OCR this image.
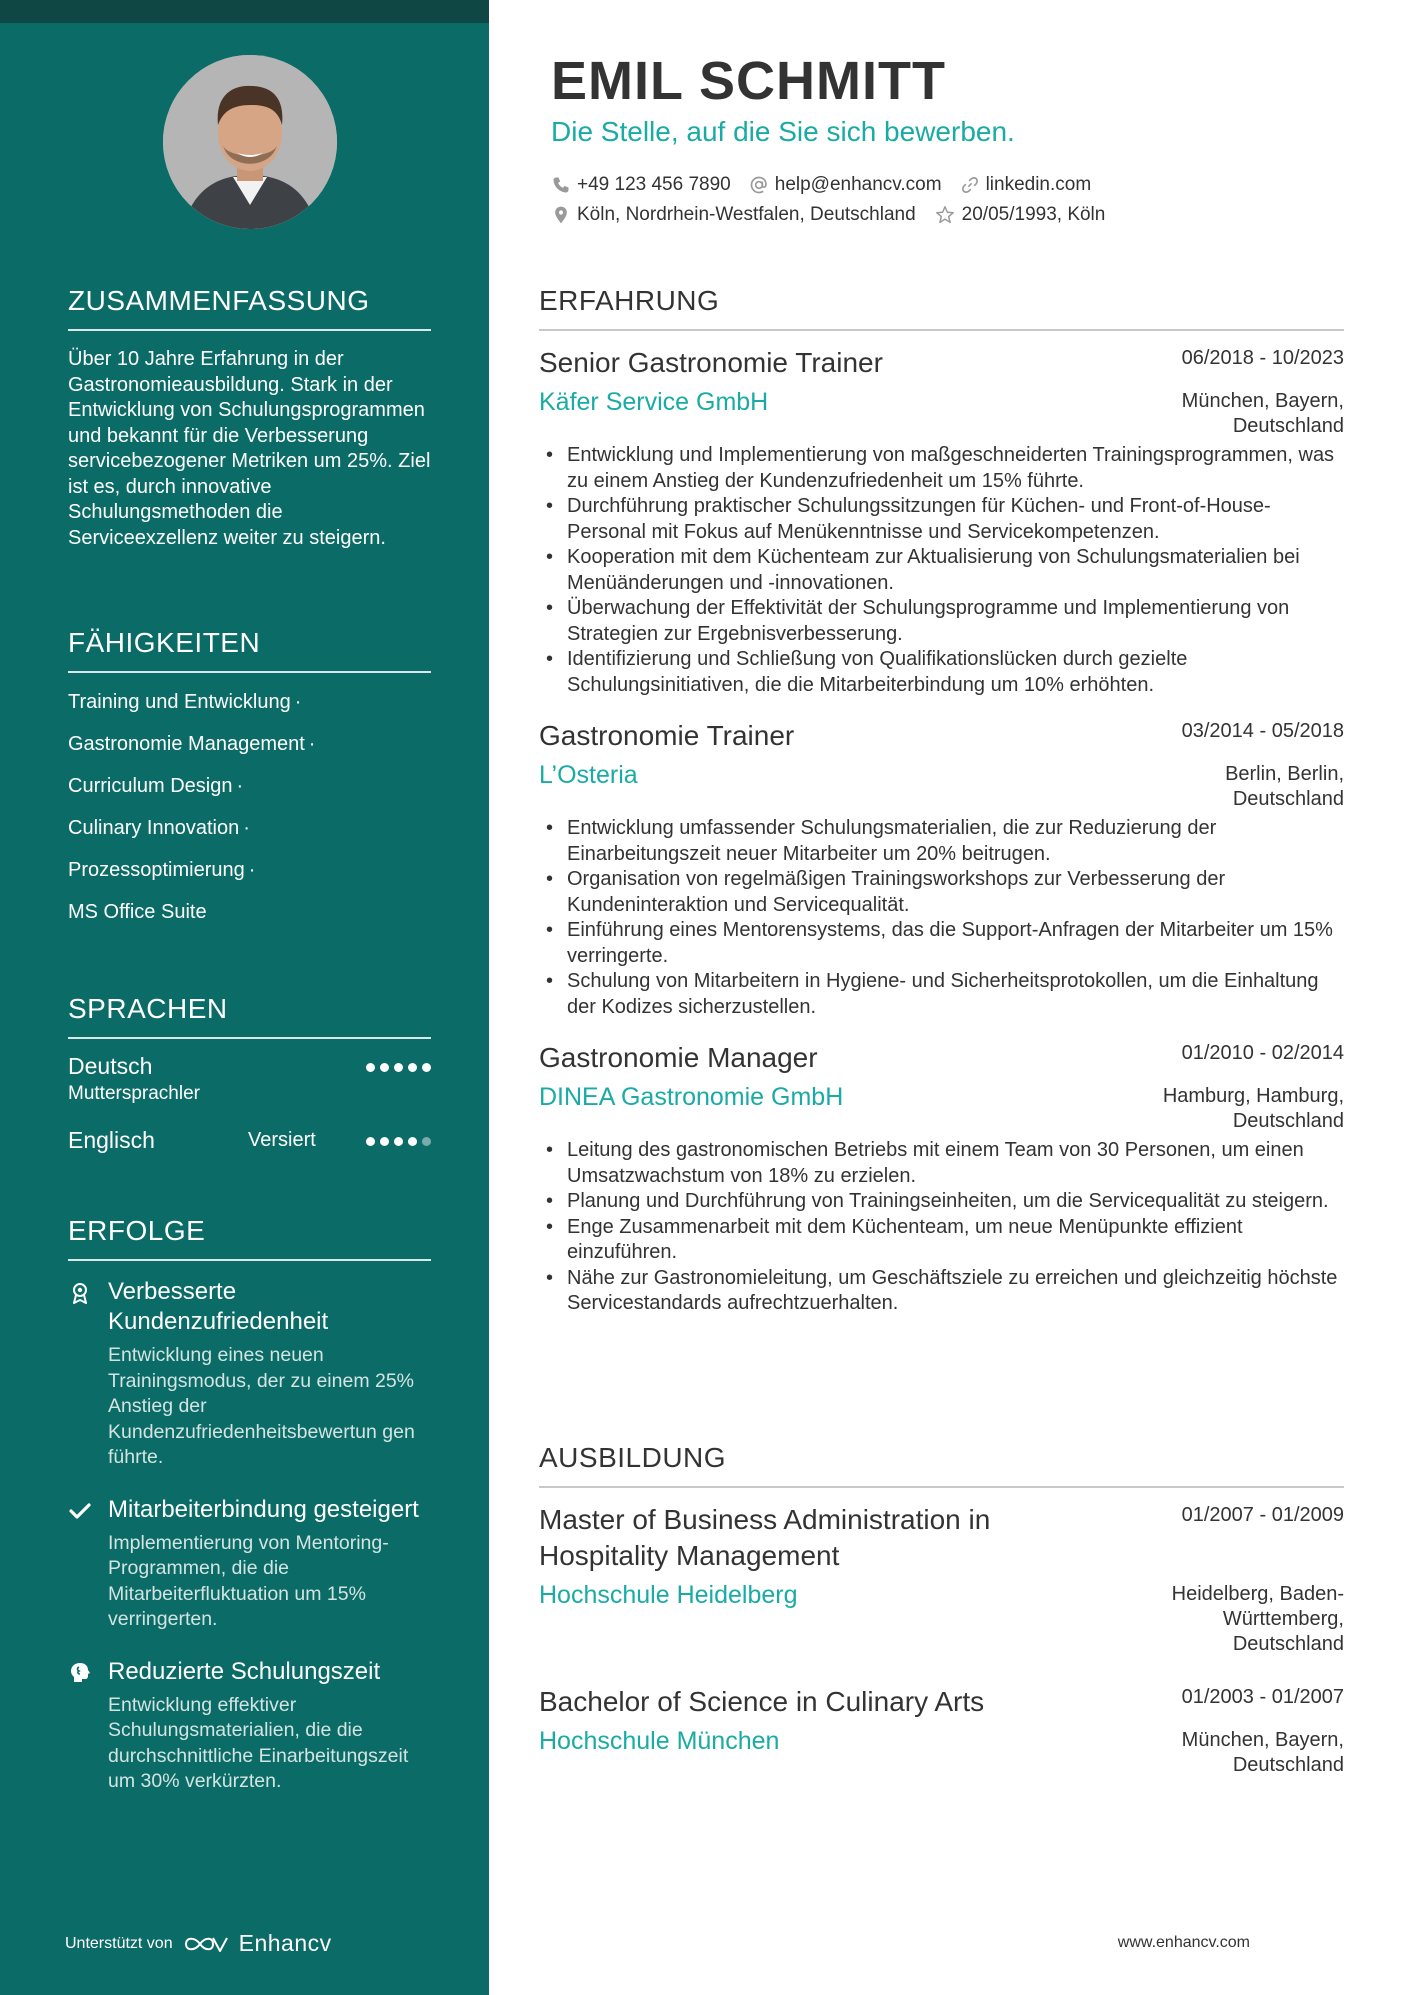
ZUSAMMENFASSUNG
Über 10 Jahre Erfahrung in der Gastronomieausbildung. Stark in der Entwicklung von Schulungsprogrammen und bekannt für die Verbesserung servicebezogener Metriken um 25%. Ziel ist es, durch innovative Schulungsmethoden die Serviceexzellenz weiter zu steigern.
FÄHIGKEITEN
Training und Entwicklung ·
Gastronomie Management ·
Curriculum Design ·
Culinary Innovation ·
Prozessoptimierung ·
MS Office Suite
SPRACHEN
Deutsch
Muttersprachler
Englisch	Versiert
ERFOLGE
Verbesserte Kundenzufriedenheit
Entwicklung eines neuen Trainingsmodus, der zu einem 25% Anstieg der Kundenzufriedenheitsbewertun gen führte.
Mitarbeiterbindung gesteigert
Implementierung von Mentoring-Programmen, die die Mitarbeiterfluktuation um 15% verringerten.
Reduzierte Schulungszeit
Entwicklung effektiver Schulungsmaterialien, die die durchschnittliche Einarbeitungszeit um 30% verkürzten.
Unterstützt von	Enhancv
EMIL SCHMITT
Die Stelle, auf die Sie sich bewerben.
+49 123 456 7890 help@enhancv.com linkedin.com
Köln, Nordrhein-Westfalen, Deutschland 20/05/1993, Köln
ERFAHRUNG
Senior Gastronomie Trainer	06/2018 - 10/2023
Käfer Service GmbH	München, Bayern, Deutschland
• Entwicklung und Implementierung von maßgeschneiderten Trainingsprogrammen, was zu einem Anstieg der Kundenzufriedenheit um 15% führte.
• Durchführung praktischer Schulungssitzungen für Küchen- und Front-of-House-Personal mit Fokus auf Menükenntnisse und Servicekompetenzen.
• Kooperation mit dem Küchenteam zur Aktualisierung von Schulungsmaterialien bei Menüänderungen und -innovationen.
• Überwachung der Effektivität der Schulungsprogramme und Implementierung von Strategien zur Ergebnisverbesserung.
• Identifizierung und Schließung von Qualifikationslücken durch gezielte Schulungsinitiativen, die die Mitarbeiterbindung um 10% erhöhten.
Gastronomie Trainer	03/2014 - 05/2018
L’Osteria	Berlin, Berlin, Deutschland
• Entwicklung umfassender Schulungsmaterialien, die zur Reduzierung der Einarbeitungszeit neuer Mitarbeiter um 20% beitrugen.
• Organisation von regelmäßigen Trainingsworkshops zur Verbesserung der Kundeninteraktion und Servicequalität.
• Einführung eines Mentorensystems, das die Support-Anfragen der Mitarbeiter um 15% verringerte.
• Schulung von Mitarbeitern in Hygiene- und Sicherheitsprotokollen, um die Einhaltung der Kodizes sicherzustellen.
Gastronomie Manager	01/2010 - 02/2014
DINEA Gastronomie GmbH	Hamburg, Hamburg, Deutschland
• Leitung des gastronomischen Betriebs mit einem Team von 30 Personen, um einen Umsatzwachstum von 18% zu erzielen.
• Planung und Durchführung von Trainingseinheiten, um die Servicequalität zu steigern.
• Enge Zusammenarbeit mit dem Küchenteam, um neue Menüpunkte effizient einzuführen.
• Nähe zur Gastronomieleitung, um Geschäftsziele zu erreichen und gleichzeitig höchste Servicestandards aufrechtzuerhalten.
AUSBILDUNG
Master of Business Administration in Hospitality Management
01/2007 - 01/2009
Hochschule Heidelberg	Heidelberg, Baden-Württemberg, Deutschland
Bachelor of Science in Culinary Arts	01/2003 - 01/2007
Hochschule München	München, Bayern, Deutschland
www.enhancv.com
